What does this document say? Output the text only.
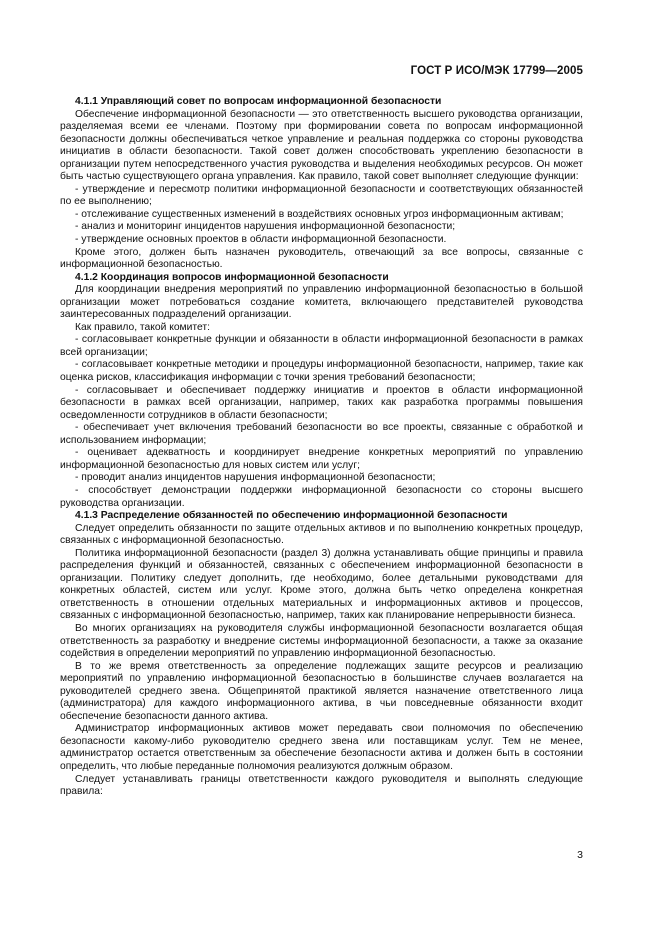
ГОСТ Р ИСО/МЭК 17799—2005

4.1.1 Управляющий совет по вопросам информационной безопасности

Обеспечение информационной безопасности — это ответственность высшего руководства организации, разделяемая всеми ее членами. Поэтому при формировании совета по вопросам информационной безопасности должны обеспечиваться четкое управление и реальная поддержка со стороны руководства инициатив в области безопасности. Такой совет должен способствовать укреплению безопасности в организации путем непосредственного участия руководства и выделения необходимых ресурсов. Он может быть частью существующего органа управления. Как правило, такой совет выполняет следующие функции:

- утверждение и пересмотр политики информационной безопасности и соответствующих обязанностей по ее выполнению;

- отслеживание существенных изменений в воздействиях основных угроз информационным активам;

- анализ и мониторинг инцидентов нарушения информационной безопасности;

- утверждение основных проектов в области информационной безопасности.

Кроме этого, должен быть назначен руководитель, отвечающий за все вопросы, связанные с информационной безопасностью.

4.1.2 Координация вопросов информационной безопасности

Для координации внедрения мероприятий по управлению информационной безопасностью в большой организации может потребоваться создание комитета, включающего представителей руководства заинтересованных подразделений организации.

Как правило, такой комитет:

- согласовывает конкретные функции и обязанности в области информационной безопасности в рамках всей организации;

- согласовывает конкретные методики и процедуры информационной безопасности, например, такие как оценка рисков, классификация информации с точки зрения требований безопасности;

- согласовывает и обеспечивает поддержку инициатив и проектов в области информационной безопасности в рамках всей организации, например, таких как разработка программы повышения осведомленности сотрудников в области безопасности;

- обеспечивает учет включения требований безопасности во все проекты, связанные с обработкой и использованием информации;

- оценивает адекватность и координирует внедрение конкретных мероприятий по управлению информационной безопасностью для новых систем или услуг;

- проводит анализ инцидентов нарушения информационной безопасности;

- способствует демонстрации поддержки информационной безопасности со стороны высшего руководства организации.

4.1.3 Распределение обязанностей по обеспечению информационной безопасности

Следует определить обязанности по защите отдельных активов и по выполнению конкретных процедур, связанных с информационной безопасностью.

Политика информационной безопасности (раздел 3) должна устанавливать общие принципы и правила распределения функций и обязанностей, связанных с обеспечением информационной безопасности в организации. Политику следует дополнить, где необходимо, более детальными руководствами для конкретных областей, систем или услуг. Кроме этого, должна быть четко определена конкретная ответственность в отношении отдельных материальных и информационных активов и процессов, связанных с информационной безопасностью, например, таких как планирование непрерывности бизнеса.

Во многих организациях на руководителя службы информационной безопасности возлагается общая ответственность за разработку и внедрение системы информационной безопасности, а также за оказание содействия в определении мероприятий по управлению информационной безопасностью.

В то же время ответственность за определение подлежащих защите ресурсов и реализацию мероприятий по управлению информационной безопасностью в большинстве случаев возлагается на руководителей среднего звена. Общепринятой практикой является назначение ответственного лица (администратора) для каждого информационного актива, в чьи повседневные обязанности входит обеспечение безопасности данного актива.

Администратор информационных активов может передавать свои полномочия по обеспечению безопасности какому-либо руководителю среднего звена или поставщикам услуг. Тем не менее, администратор остается ответственным за обеспечение безопасности актива и должен быть в состоянии определить, что любые переданные полномочия реализуются должным образом.

Следует устанавливать границы ответственности каждого руководителя и выполнять следующие правила:

3
